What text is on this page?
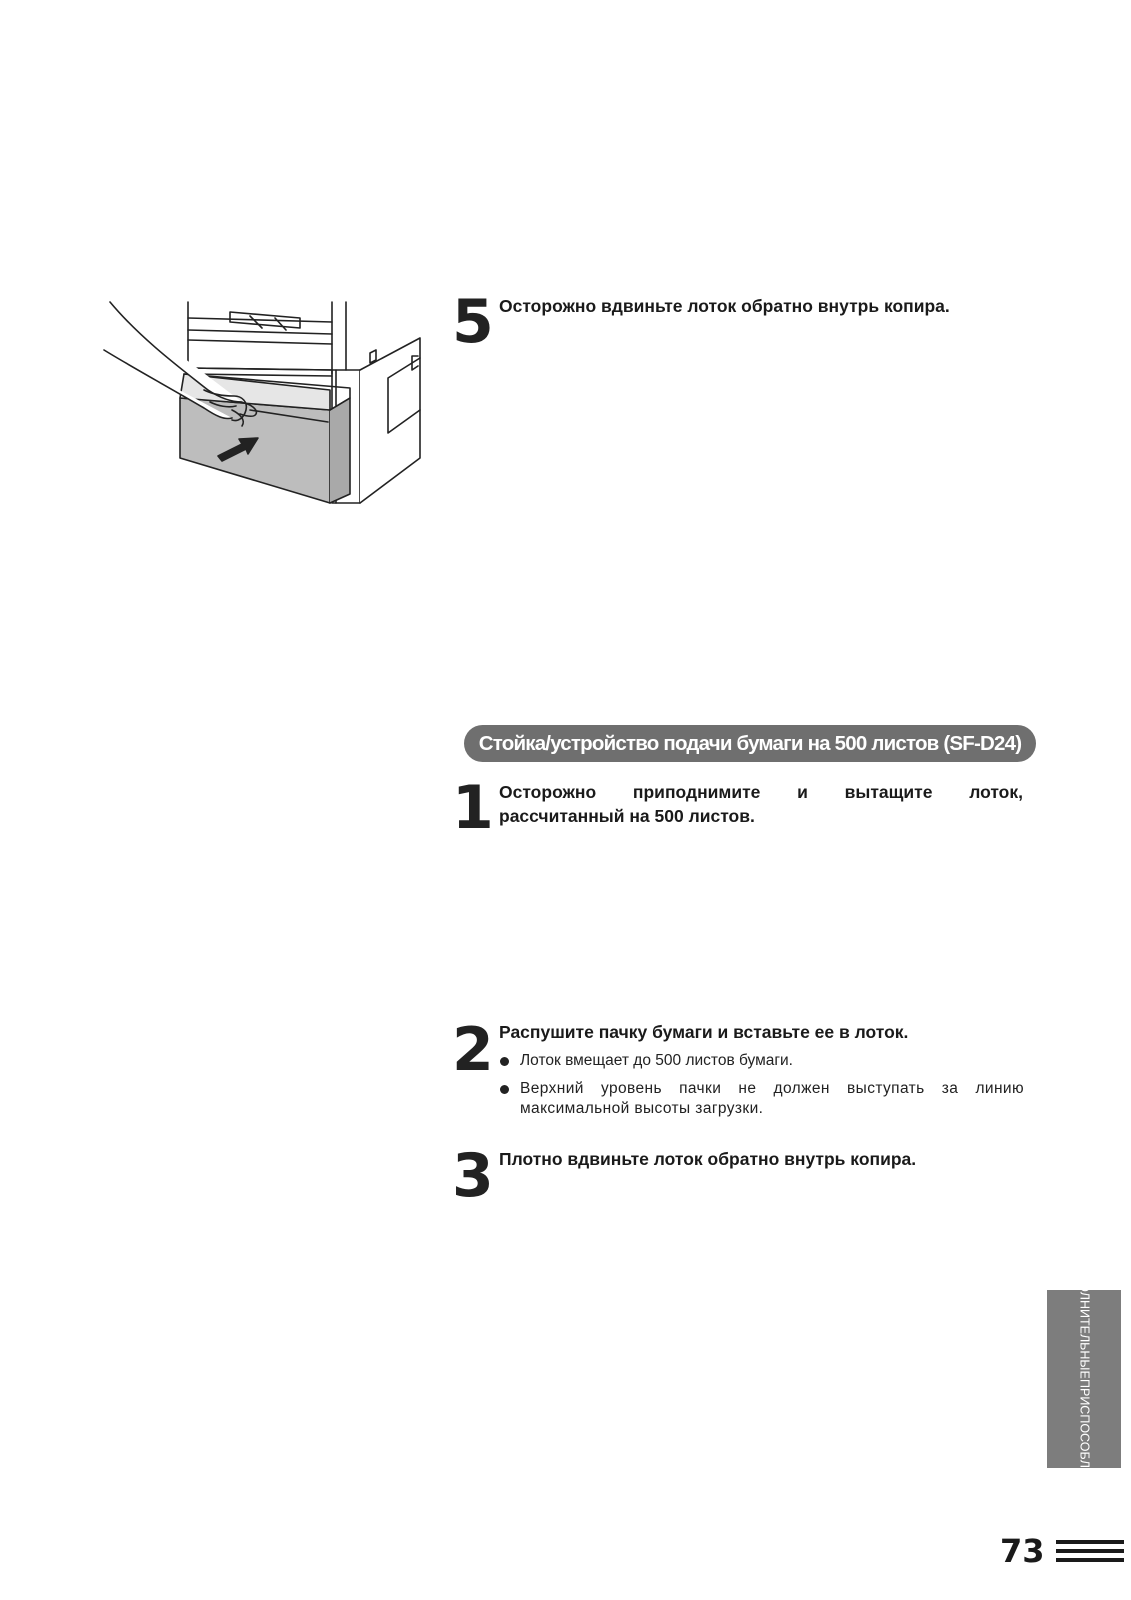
5 Осторожно вдвиньте лоток обратно внутрь копира.
Стойка/устройство подачи бумаги на 500 листов (SF-D24)
1 Осторожно приподнимите и вытащите лоток, рассчитанный на 500 листов.
2 Распушите пачку бумаги и вставьте ее в лоток.
Лоток вмещает до 500 листов бумаги.
Верхний уровень пачки не должен выступать за линию максимальной высоты загрузки.
3 Плотно вдвиньте лоток обратно внутрь копира.
ДОПОЛНИТЕЛЬНЫЕ
ПРИСПОСОБЛЕНИЯ
73
